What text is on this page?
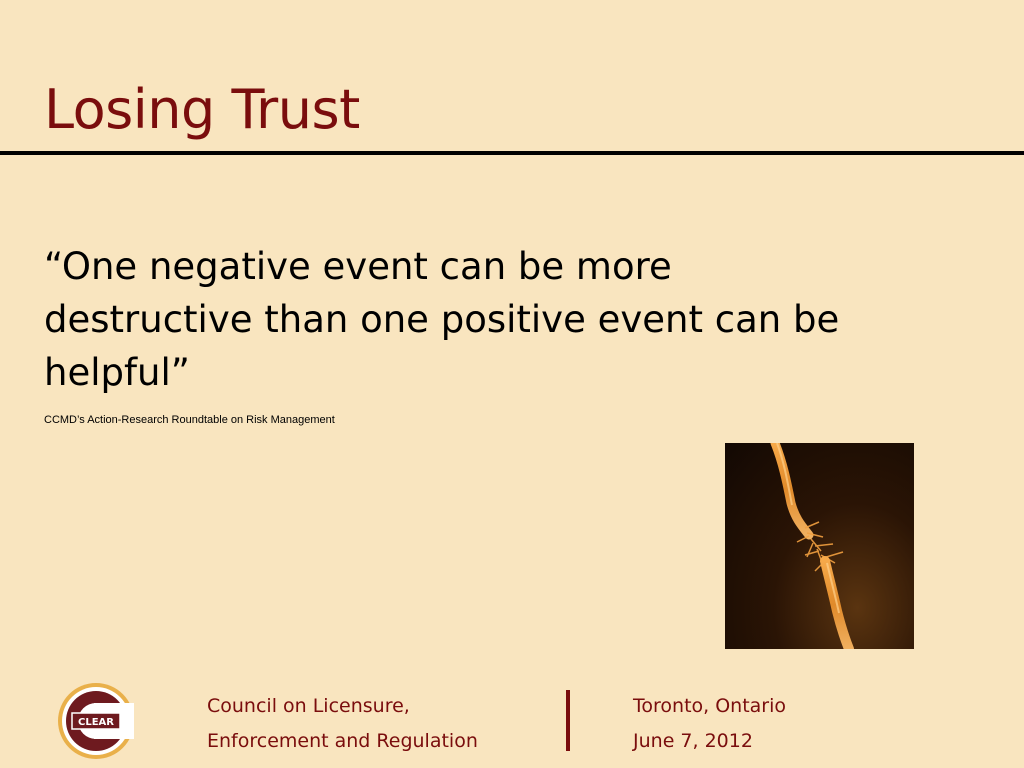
Losing Trust

“One negative event can be more destructive than one positive event can be helpful”

CCMD’s Action-Research Roundtable on Risk Management
CLEAR
Council on Licensure,
Enforcement and Regulation
Toronto, Ontario
June 7, 2012
